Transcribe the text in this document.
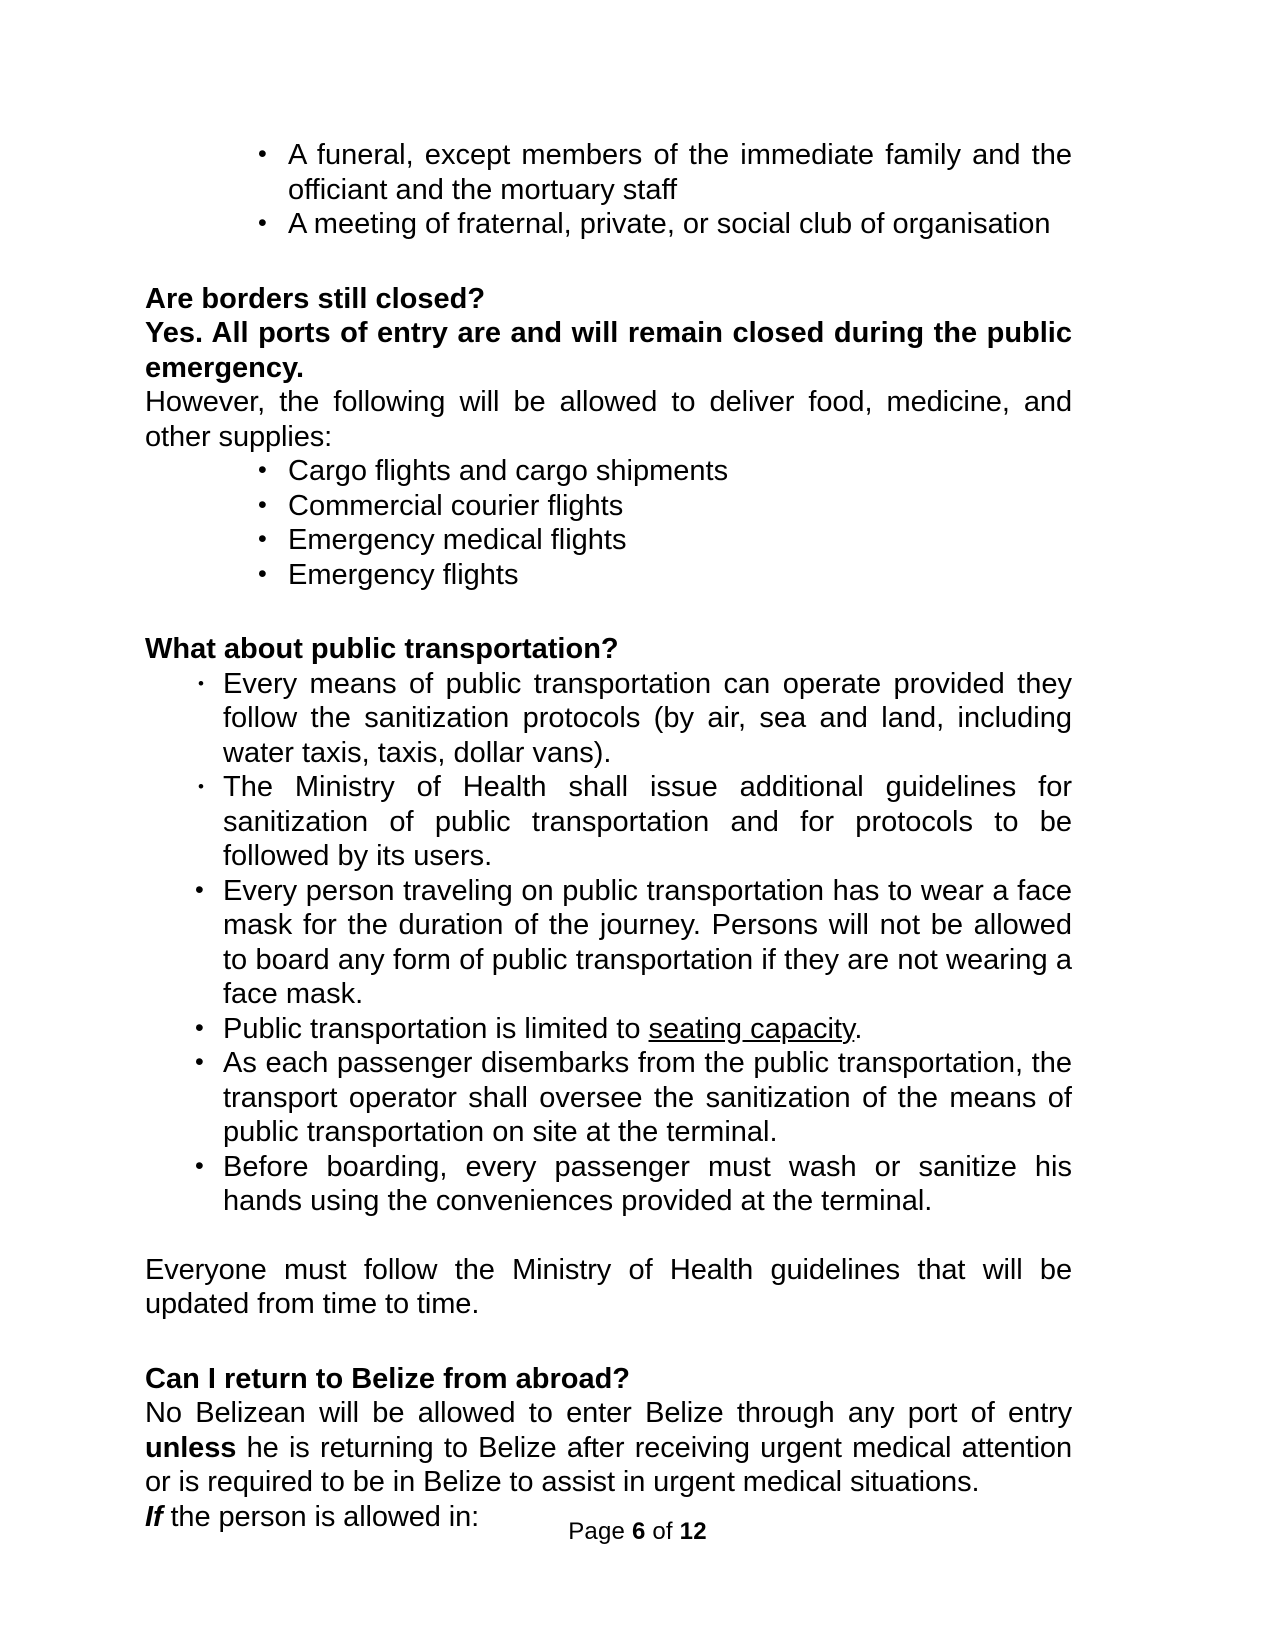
• A funeral, except members of the immediate family and the officiant and the mortuary staff
• A meeting of fraternal, private, or social club of organisation
Are borders still closed?
Yes. All ports of entry are and will remain closed during the public emergency.
However, the following will be allowed to deliver food, medicine, and other supplies:
• Cargo flights and cargo shipments
• Commercial courier flights
• Emergency medical flights
• Emergency flights
What about public transportation?
• Every means of public transportation can operate provided they follow the sanitization protocols (by air, sea and land, including water taxis, taxis, dollar vans).
• The Ministry of Health shall issue additional guidelines for sanitization of public transportation and for protocols to be followed by its users.
• Every person traveling on public transportation has to wear a face mask for the duration of the journey. Persons will not be allowed to board any form of public transportation if they are not wearing a face mask.
• Public transportation is limited to seating capacity.
• As each passenger disembarks from the public transportation, the transport operator shall oversee the sanitization of the means of public transportation on site at the terminal.
• Before boarding, every passenger must wash or sanitize his hands using the conveniences provided at the terminal.
Everyone must follow the Ministry of Health guidelines that will be updated from time to time.
Can I return to Belize from abroad?
No Belizean will be allowed to enter Belize through any port of entry unless he is returning to Belize after receiving urgent medical attention or is required to be in Belize to assist in urgent medical situations.
If the person is allowed in:	Page 6 of 12
